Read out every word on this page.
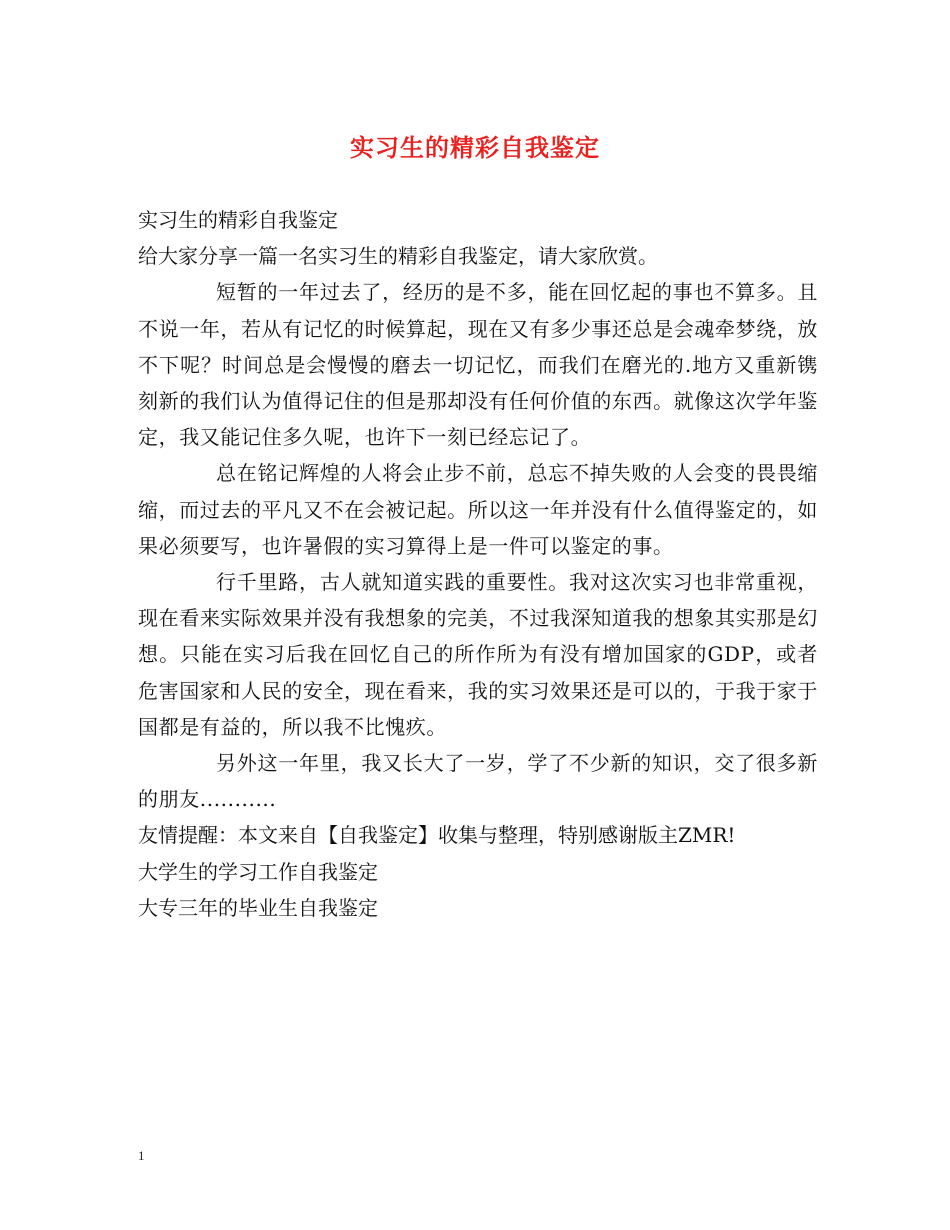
实习生的精彩自我鉴定
实习生的精彩自我鉴定
给大家分享一篇一名实习生的精彩自我鉴定，请大家欣赏。
短暂的一年过去了，经历的是不多，能在回忆起的事也不算多。且不说一年，若从有记忆的时候算起，现在又有多少事还总是会魂牵梦绕，放不下呢？时间总是会慢慢的磨去一切记忆，而我们在磨光的.地方又重新镌刻新的我们认为值得记住的但是那却没有任何价值的东西。就像这次学年鉴定，我又能记住多久呢，也许下一刻已经忘记了。
总在铭记辉煌的人将会止步不前，总忘不掉失败的人会变的畏畏缩缩，而过去的平凡又不在会被记起。所以这一年并没有什么值得鉴定的，如果必须要写，也许暑假的实习算得上是一件可以鉴定的事。
行千里路，古人就知道实践的重要性。我对这次实习也非常重视，现在看来实际效果并没有我想象的完美，不过我深知道我的想象其实那是幻想。只能在实习后我在回忆自己的所作所为有没有增加国家的GDP，或者危害国家和人民的安全，现在看来，我的实习效果还是可以的，于我于家于国都是有益的，所以我不比愧疚。
另外这一年里，我又长大了一岁，学了不少新的知识，交了很多新的朋友...........
友情提醒：本文来自【自我鉴定】收集与整理，特别感谢版主ZMR!
大学生的学习工作自我鉴定
大专三年的毕业生自我鉴定
1
